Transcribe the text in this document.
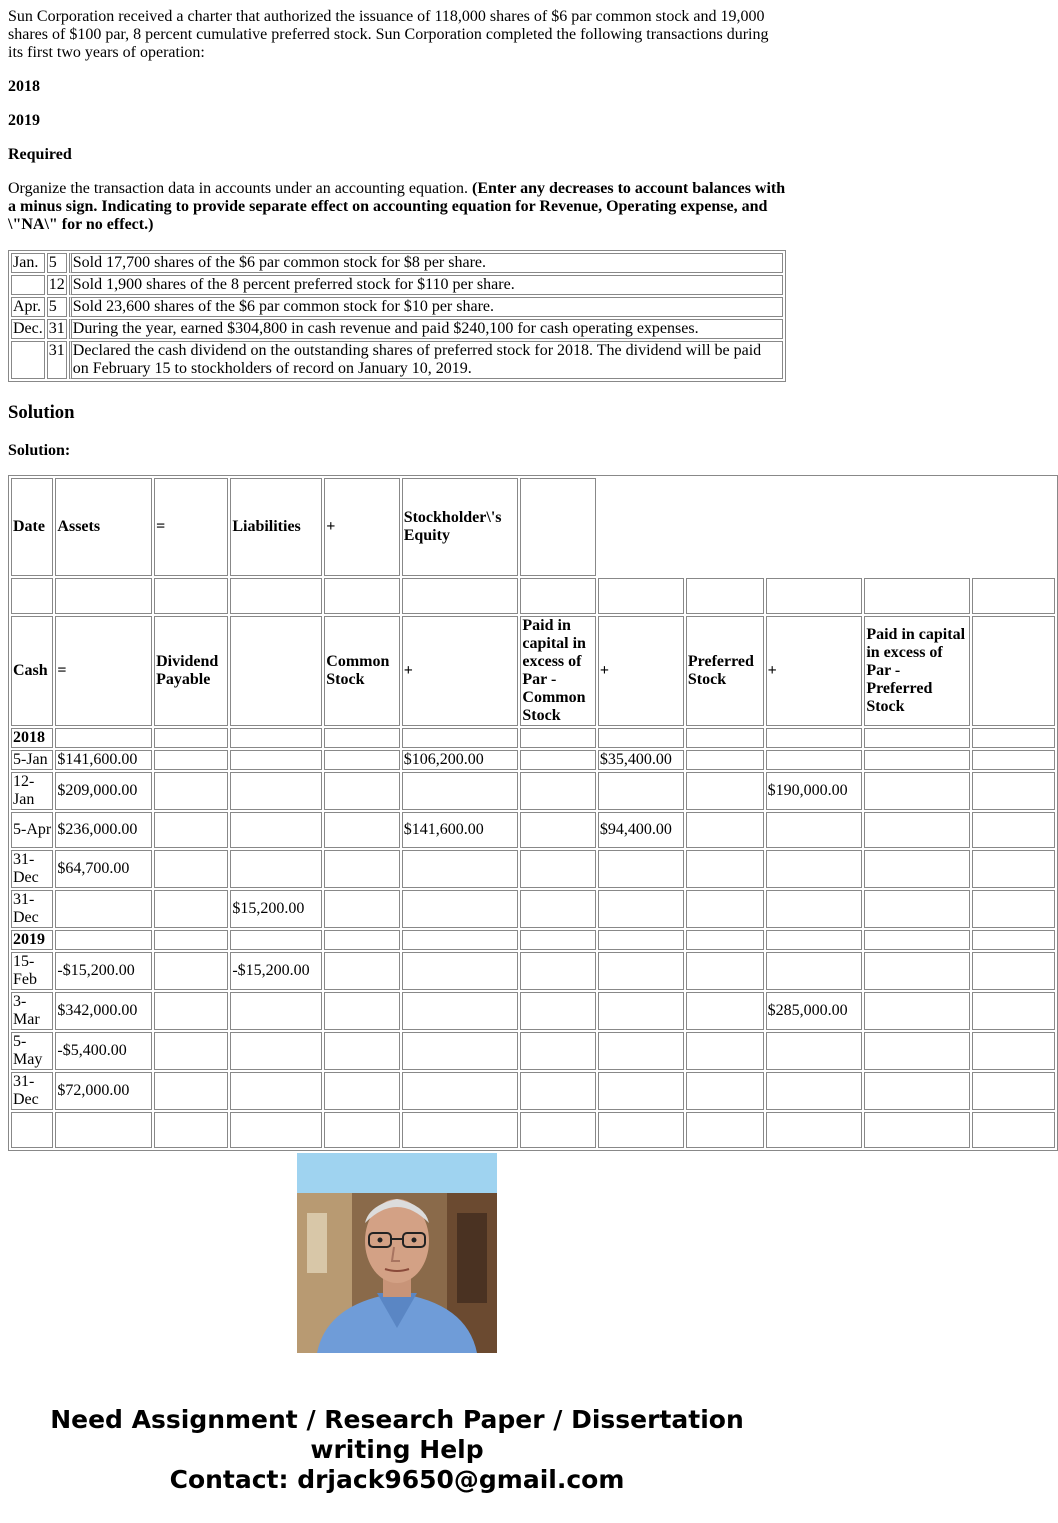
Sun Corporation received a charter that authorized the issuance of 118,000 shares of $6 par common stock and 19,000 shares of $100 par, 8 percent cumulative preferred stock. Sun Corporation completed the following transactions during its first two years of operation:

2018

2019

Required

Organize the transaction data in accounts under an accounting equation. (Enter any decreases to account balances with a minus sign. Indicating to provide separate effect on accounting equation for Revenue, Operating expense, and \"NA\" for no effect.)

Jan.	5	Sold 17,700 shares of the $6 par common stock for $8 per share.
	12	Sold 1,900 shares of the 8 percent preferred stock for $110 per share.
Apr.	5	Sold 23,600 shares of the $6 par common stock for $10 per share.
Dec.	31	During the year, earned $304,800 in cash revenue and paid $240,100 for cash operating expenses.
	31	Declared the cash dividend on the outstanding shares of preferred stock for 2018. The dividend will be paid on February 15 to stockholders of record on January 10, 2019.
Solution

Solution:

Date	Assets	=	Liabilities	+	Stockholder\'s Equity						

Cash	=	Dividend Payable		Common Stock	+	Paid in capital in excess of Par - Common Stock	+	Preferred Stock	+	Paid in capital in excess of Par - Preferred Stock	
2018											
5-Jan	$141,600.00				$106,200.00		$35,400.00				
12-Jan	$209,000.00								$190,000.00		
5-Apr	$236,000.00				$141,600.00		$94,400.00				
31-Dec	$64,700.00										
31-Dec			$15,200.00								
2019											
15-Feb	-$15,200.00		-$15,200.00								
3-Mar	$342,000.00								$285,000.00		
5-May	-$5,400.00										
31-Dec	$72,000.00										

Need Assignment / Research Paper / Dissertation
writing Help
Contact: drjack9650@gmail.com
